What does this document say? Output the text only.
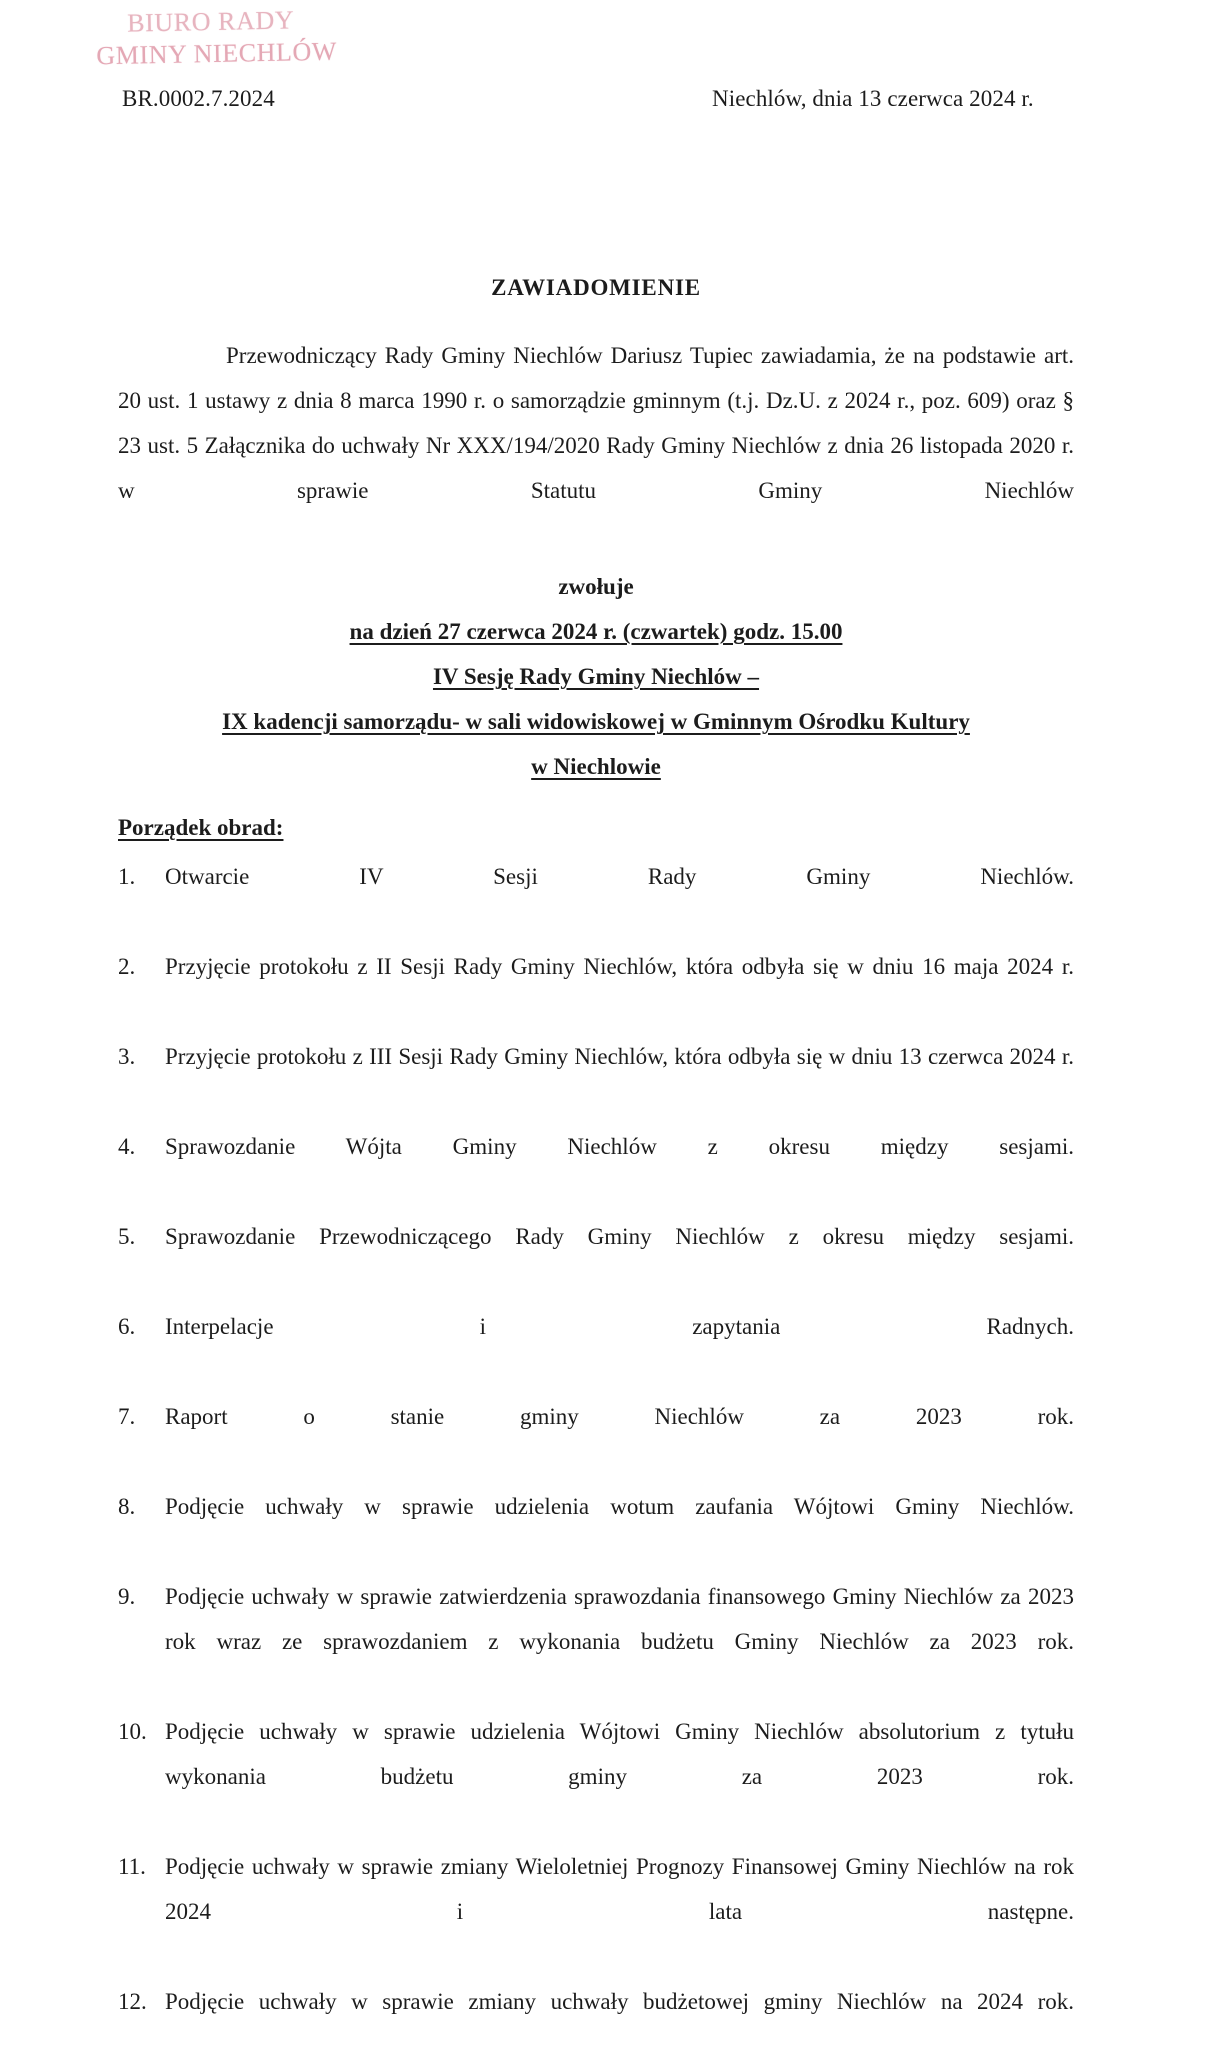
BIURO RADY
GMINY NIECHLÓW
BR.0002.7.2024	Niechlów, dnia 13 czerwca 2024 r.
ZAWIADOMIENIE

Przewodniczący Rady Gminy Niechlów Dariusz Tupiec zawiadamia, że na podstawie art. 20 ust. 1 ustawy z dnia 8 marca 1990 r. o samorządzie gminnym (t.j. Dz.U. z 2024 r., poz. 609) oraz § 23 ust. 5 Załącznika do uchwały Nr XXX/194/2020 Rady Gminy Niechlów z dnia 26 listopada 2020 r. w sprawie Statutu Gminy Niechlów

zwołuje
na dzień 27 czerwca 2024 r. (czwartek) godz. 15.00
IV Sesję Rady Gminy Niechlów –
IX kadencji samorządu- w sali widowiskowej w Gminnym Ośrodku Kultury
w Niechlowie
Porządek obrad:
1.	Otwarcie IV Sesji Rady Gminy Niechlów.
2.	Przyjęcie protokołu z II Sesji Rady Gminy Niechlów, która odbyła się w dniu 16 maja 2024 r.
3.	Przyjęcie protokołu z III Sesji Rady Gminy Niechlów, która odbyła się w dniu 13 czerwca 2024 r.
4.	Sprawozdanie Wójta Gminy Niechlów z okresu między sesjami.
5.	Sprawozdanie Przewodniczącego Rady Gminy Niechlów z okresu między sesjami.
6.	Interpelacje i zapytania Radnych.
7.	Raport o stanie gminy Niechlów za 2023 rok.
8.	Podjęcie uchwały w sprawie udzielenia wotum zaufania Wójtowi Gminy Niechlów.
9.	Podjęcie uchwały w sprawie zatwierdzenia sprawozdania finansowego Gminy Niechlów za 2023 rok wraz ze sprawozdaniem z wykonania budżetu Gminy Niechlów za 2023 rok.
10. Podjęcie uchwały w sprawie udzielenia Wójtowi Gminy Niechlów absolutorium z tytułu wykonania budżetu gminy za 2023 rok.
11. Podjęcie uchwały w sprawie zmiany Wieloletniej Prognozy Finansowej Gminy Niechlów na rok 2024 i lata następne.
12. Podjęcie uchwały w sprawie zmiany uchwały budżetowej gminy Niechlów na 2024 rok.
